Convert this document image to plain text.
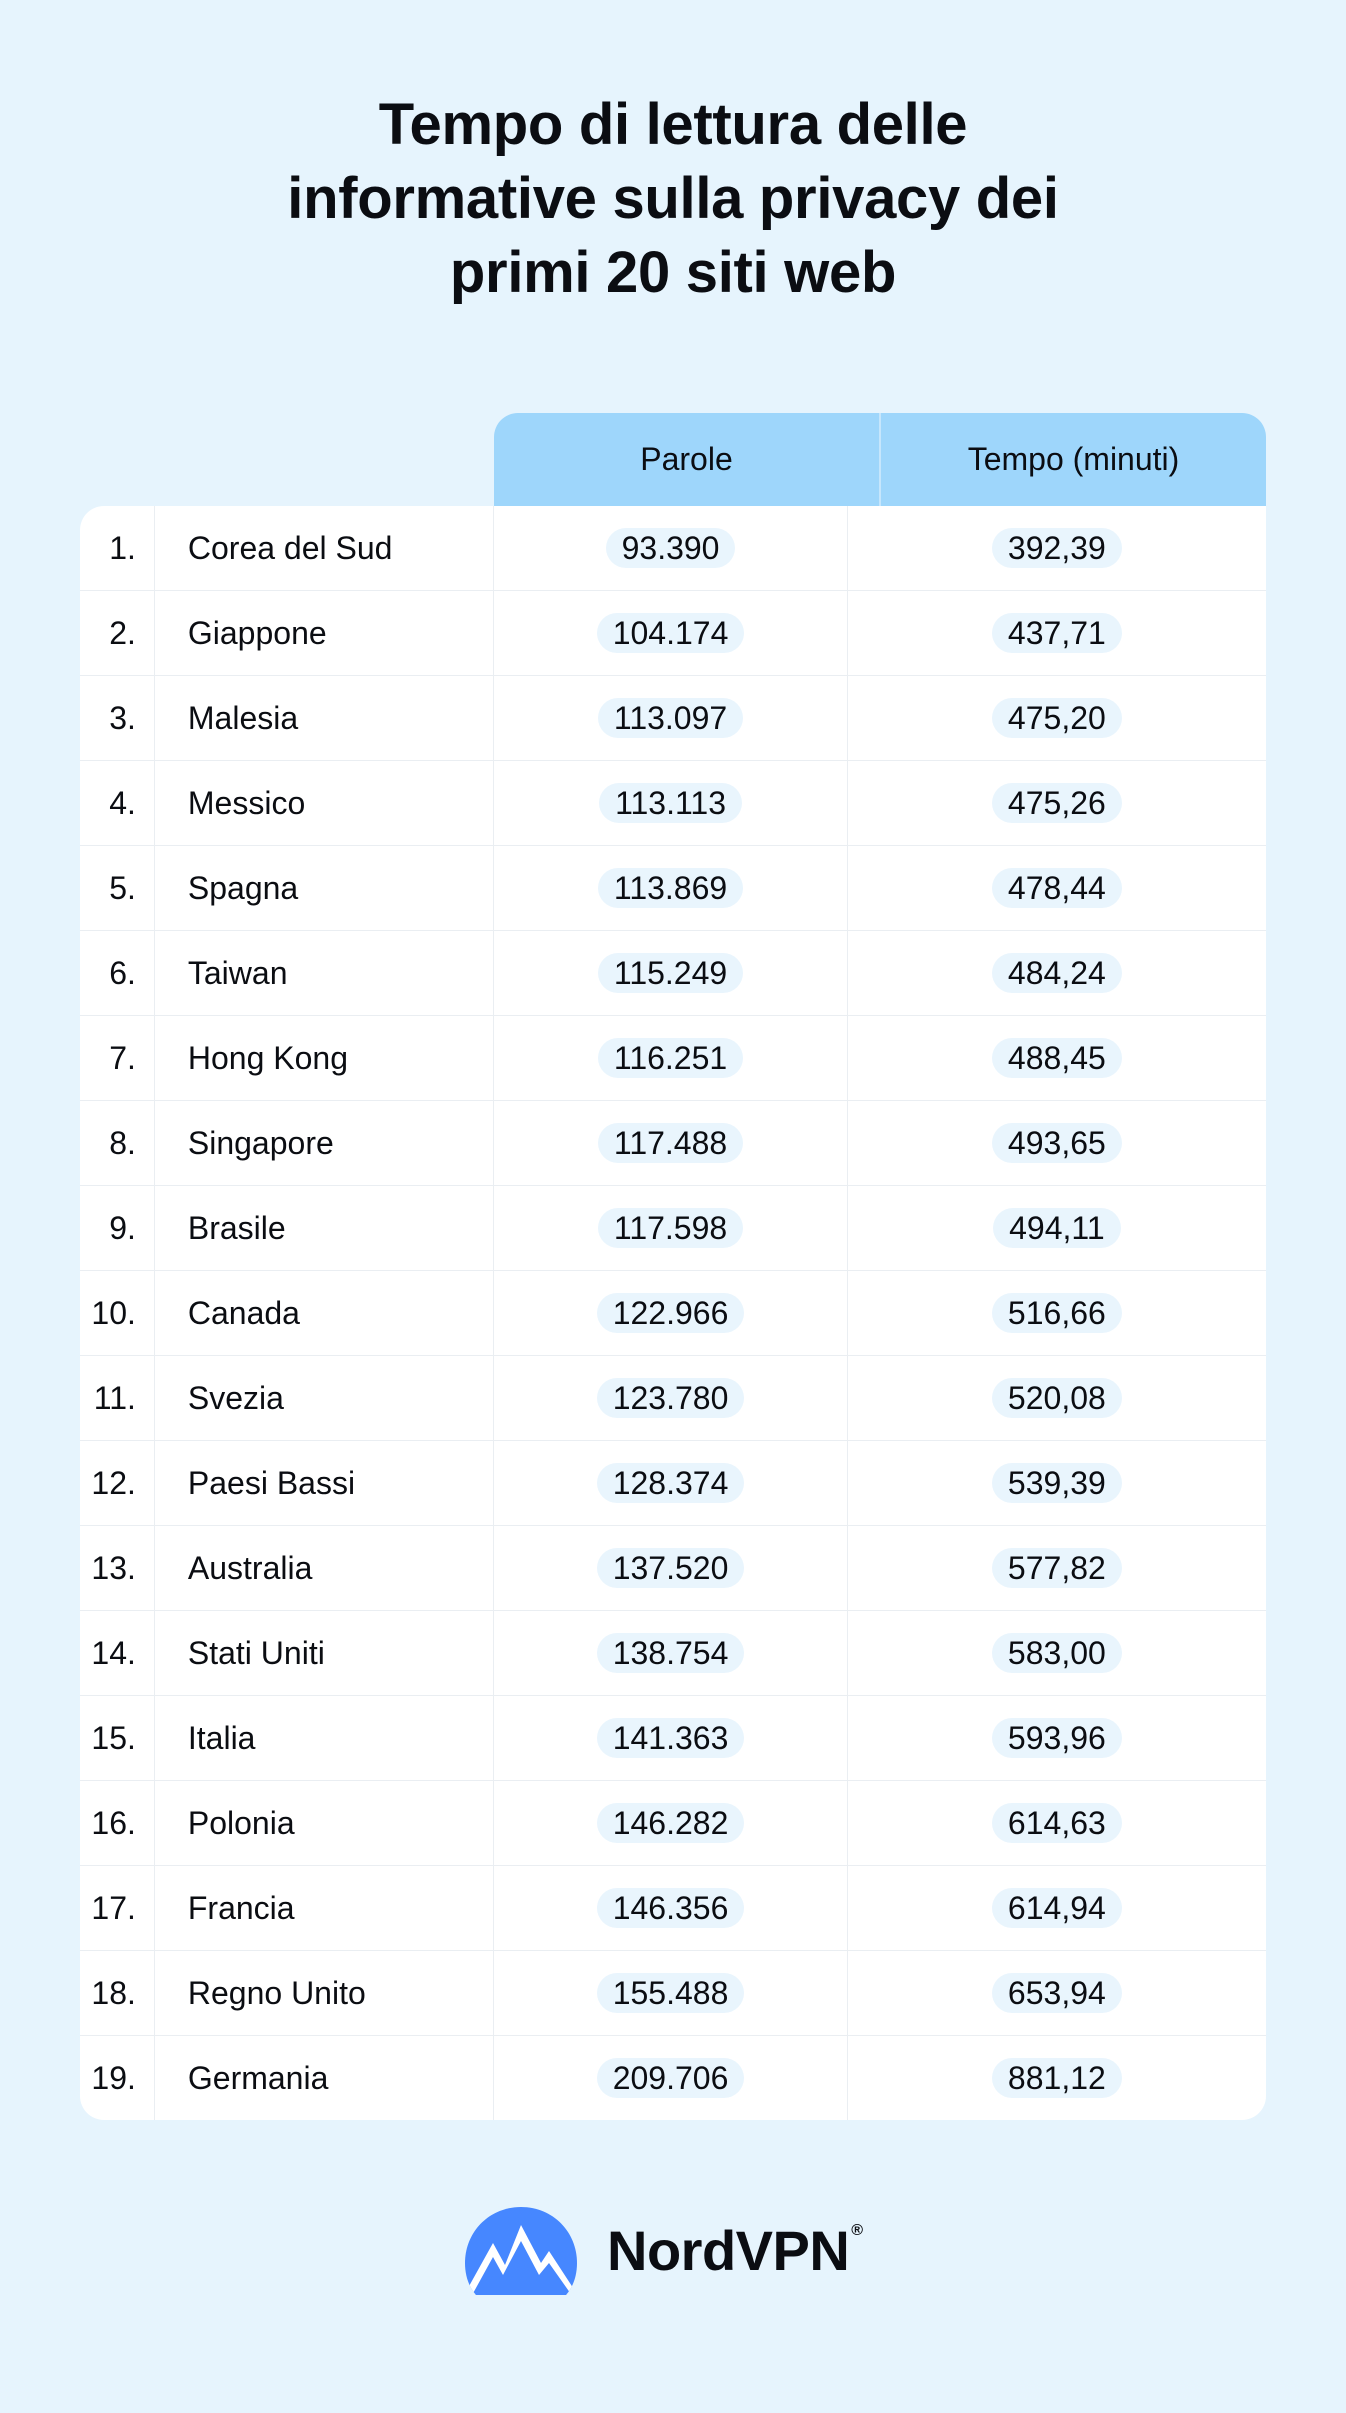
Tempo di lettura delle
informative sulla privacy dei
primi 20 siti web
Parole	Tempo (minuti)
1.	Corea del Sud	93.390	392,39
2.	Giappone	104.174	437,71
3.	Malesia	113.097	475,20
4.	Messico	113.113	475,26
5.	Spagna	113.869	478,44
6.	Taiwan	115.249	484,24
7.	Hong Kong	116.251	488,45
8.	Singapore	117.488	493,65
9.	Brasile	117.598	494,11
10.	Canada	122.966	516,66
11.	Svezia	123.780	520,08
12.	Paesi Bassi	128.374	539,39
13.	Australia	137.520	577,82
14.	Stati Uniti	138.754	583,00
15.	Italia	141.363	593,96
16.	Polonia	146.282	614,63
17.	Francia	146.356	614,94
18.	Regno Unito	155.488	653,94
19.	Germania	209.706	881,12
NordVPN ®
